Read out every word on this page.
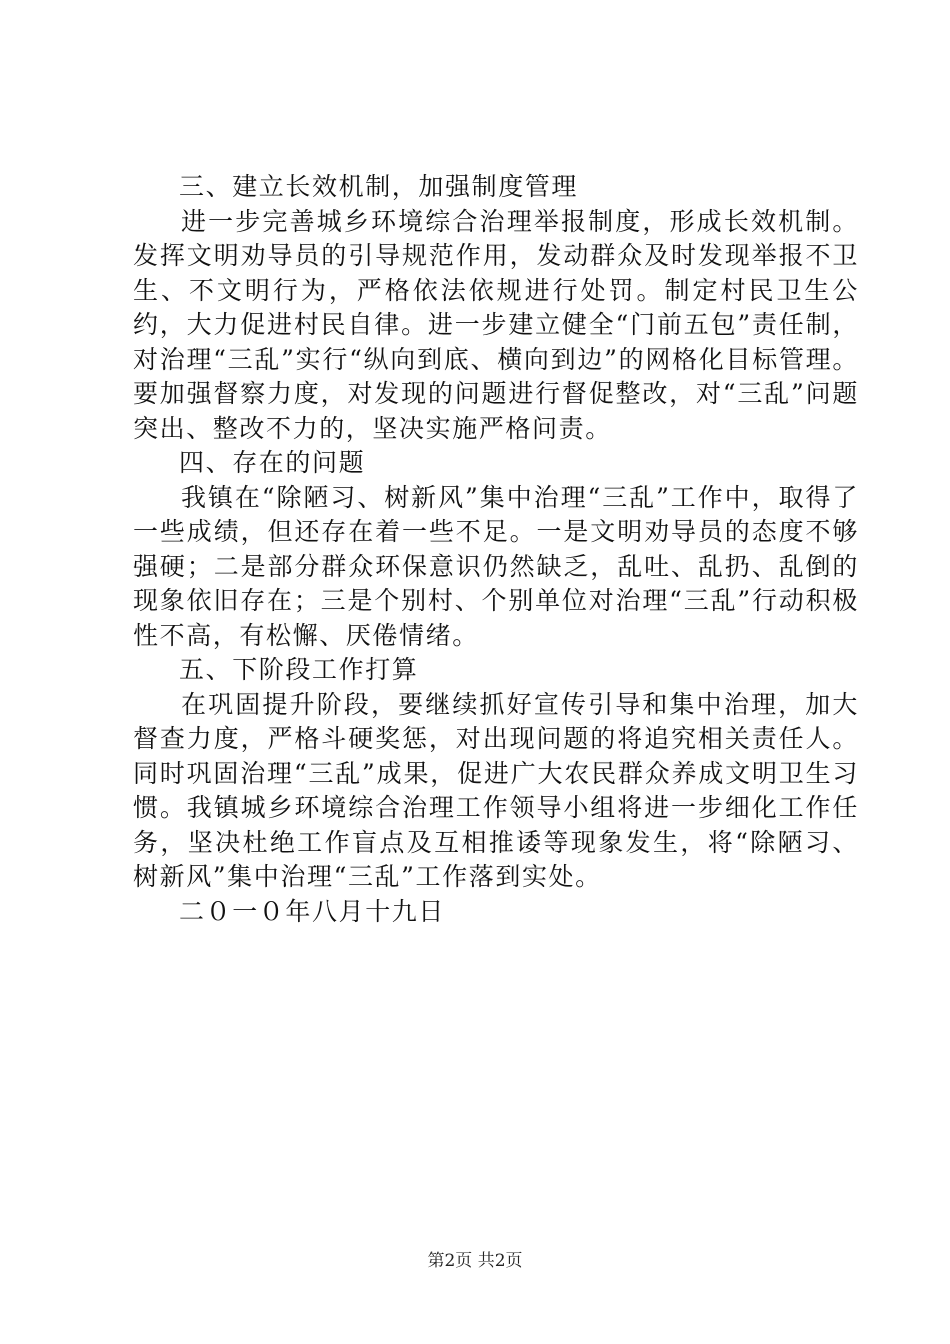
三、建立长效机制，加强制度管理

进一步完善城乡环境综合治理举报制度，形成长效机制。发挥文明劝导员的引导规范作用，发动群众及时发现举报不卫生、不文明行为，严格依法依规进行处罚。制定村民卫生公约，大力促进村民自律。进一步建立健全“门前五包”责任制，对治理“三乱”实行“纵向到底、横向到边”的网格化目标管理。要加强督察力度，对发现的问题进行督促整改，对“三乱”问题突出、整改不力的，坚决实施严格问责。

四、存在的问题

我镇在“除陋习、树新风”集中治理“三乱”工作中，取得了一些成绩，但还存在着一些不足。一是文明劝导员的态度不够强硬；二是部分群众环保意识仍然缺乏，乱吐、乱扔、乱倒的现象依旧存在；三是个别村、个别单位对治理“三乱”行动积极性不高，有松懈、厌倦情绪。

五、下阶段工作打算

在巩固提升阶段，要继续抓好宣传引导和集中治理，加大督查力度，严格斗硬奖惩，对出现问题的将追究相关责任人。同时巩固治理“三乱”成果，促进广大农民群众养成文明卫生习惯。我镇城乡环境综合治理工作领导小组将进一步细化工作任务，坚决杜绝工作盲点及互相推诿等现象发生，将“除陋习、树新风”集中治理“三乱”工作落到实处。

二０一０年八月十九日

第2页 共2页
